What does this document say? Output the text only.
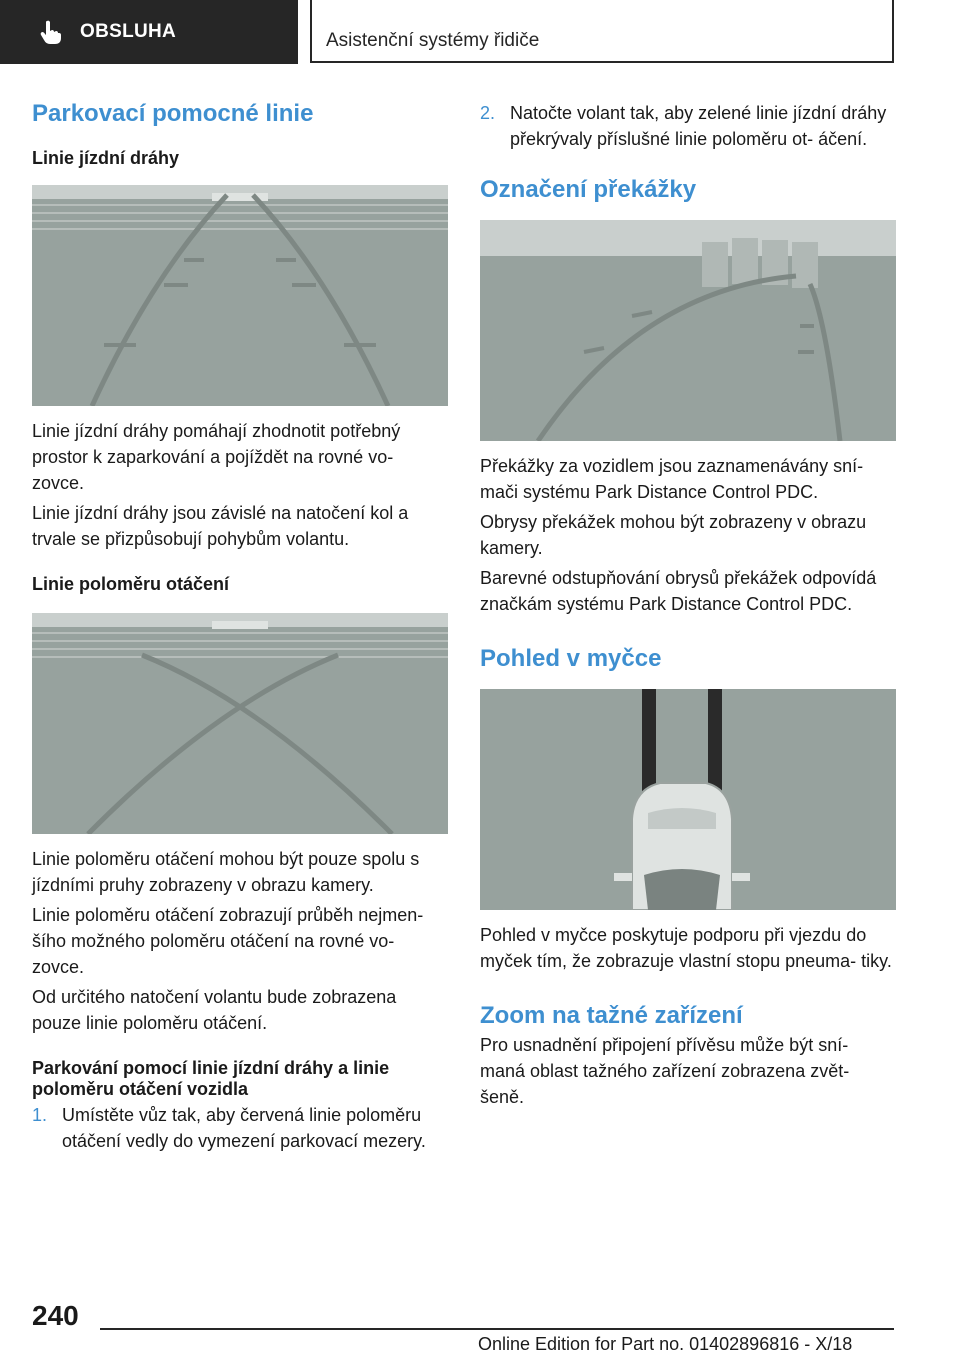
OBSLUHA	Asistenční systémy řidiče
Parkovací pomocné linie
Linie jízdní dráhy

Linie jízdní dráhy pomáhají zhodnotit potřebný prostor k zaparkování a pojíždět na rovné vo- zovce.

Linie jízdní dráhy jsou závislé na natočení kol a trvale se přizpůsobují pohybům volantu.

Linie poloměru otáčení

Linie poloměru otáčení mohou být pouze spolu s jízdními pruhy zobrazeny v obrazu kamery.

Linie poloměru otáčení zobrazují průběh nejmen- šího možného poloměru otáčení na rovné vo- zovce.

Od určitého natočení volantu bude zobrazena pouze linie poloměru otáčení.

Parkování pomocí linie jízdní dráhy a linie poloměru otáčení vozidla
1. Umístěte vůz tak, aby červená linie poloměru otáčení vedly do vymezení parkovací mezery.
2. Natočte volant tak, aby zelené linie jízdní dráhy překrývaly příslušné linie poloměru ot- áčení.
Označení překážky

Překážky za vozidlem jsou zaznamenávány sní- mači systému Park Distance Control PDC.

Obrysy překážek mohou být zobrazeny v obrazu kamery.

Barevné odstupňování obrysů překážek odpovídá značkám systému Park Distance Control PDC.

Pohled v myčce

Pohled v myčce poskytuje podporu při vjezdu do myček tím, že zobrazuje vlastní stopu pneuma- tiky.

Zoom na tažné zařízení

Pro usnadnění připojení přívěsu může být sní- maná oblast tažného zařízení zobrazena zvět- šeně.

240
Online Edition for Part no. 01402896816 - X/18
